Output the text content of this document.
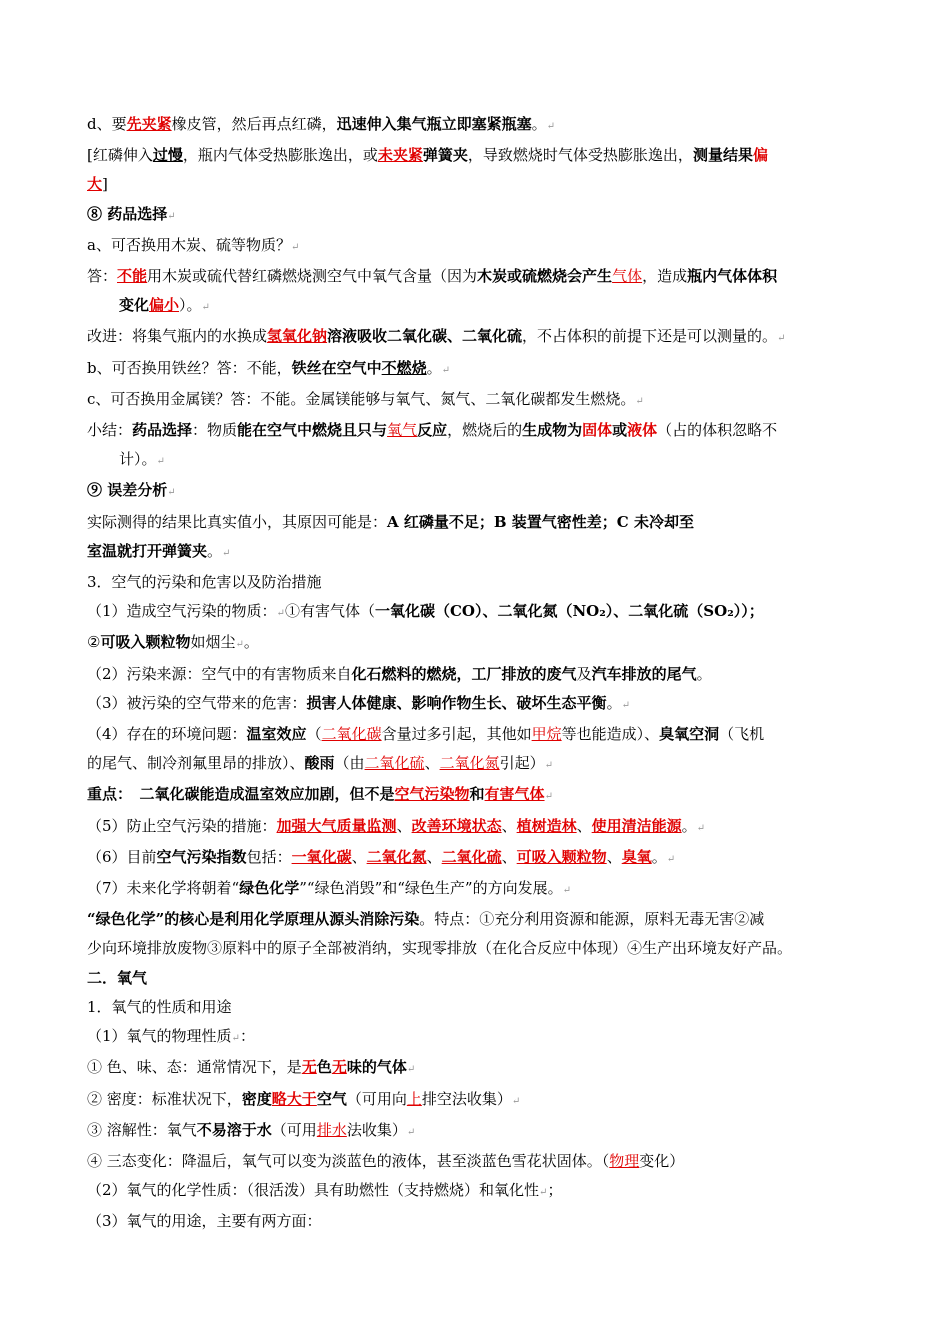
d、要先夹紧橡皮管，然后再点红磷，迅速伸入集气瓶立即塞紧瓶塞。↵
[红磷伸入过慢，瓶内气体受热膨胀逸出，或未夹紧弹簧夹，导致燃烧时气体受热膨胀逸出，测量结果偏
大]
⑧ 药品选择↵
a、可否换用木炭、硫等物质？↵
答：不能用木炭或硫代替红磷燃烧测空气中氧气含量（因为木炭或硫燃烧会产生气体，造成瓶内气体体积
变化偏小）。↵
改进：将集气瓶内的水换成氢氧化钠溶液吸收二氧化碳、二氧化硫，不占体积的前提下还是可以测量的。↵
b、可否换用铁丝？答：不能，铁丝在空气中不燃烧。↵
c、可否换用金属镁？答：不能。金属镁能够与氧气、氮气、二氧化碳都发生燃烧。↵
小结：药品选择：物质能在空气中燃烧且只与氧气反应，燃烧后的生成物为固体或液体（占的体积忽略不
计）。↵
⑨ 误差分析↵
实际测得的结果比真实值小，其原因可能是：A 红磷量不足；B 装置气密性差；C 未冷却至
室温就打开弹簧夹。↵
3．空气的污染和危害以及防治措施
（1）造成空气污染的物质：↵①有害气体（一氧化碳（CO）、二氧化氮（NO₂）、二氧化硫（SO₂））；
②可吸入颗粒物如烟尘↵。
（2）污染来源：空气中的有害物质来自化石燃料的燃烧，工厂排放的废气及汽车排放的尾气。
（3）被污染的空气带来的危害：损害人体健康、影响作物生长、破坏生态平衡。↵
（4）存在的环境问题：温室效应（二氧化碳含量过多引起，其他如甲烷等也能造成）、臭氧空洞（飞机
的尾气、制冷剂氟里昂的排放）、酸雨（由二氧化硫、二氧化氮引起）↵
重点：　二氧化碳能造成温室效应加剧，但不是空气污染物和有害气体↵
（5）防止空气污染的措施：加强大气质量监测、改善环境状态、植树造林、使用清洁能源。↵
（6）目前空气污染指数包括：一氧化碳、二氧化氮、二氧化硫、可吸入颗粒物、臭氧。↵
（7）未来化学将朝着“绿色化学”“绿色消毁”和“绿色生产”的方向发展。↵
“绿色化学”的核心是利用化学原理从源头消除污染。特点：①充分利用资源和能源，原料无毒无害②减
少向环境排放废物③原料中的原子全部被消纳，实现零排放（在化合反应中体现）④生产出环境友好产品。
二．氧气
1．氧气的性质和用途
（1）氧气的物理性质↵：
① 色、味、态：通常情况下，是无色无味的气体↵
② 密度：标准状况下，密度略大于空气（可用向上排空法收集）↵
③ 溶解性：氧气不易溶于水（可用排水法收集）↵
④ 三态变化：降温后，氧气可以变为淡蓝色的液体，甚至淡蓝色雪花状固体。（物理变化）
（2）氧气的化学性质：（很活泼）具有助燃性（支持燃烧）和氧化性↵；
（3）氧气的用途，主要有两方面：
